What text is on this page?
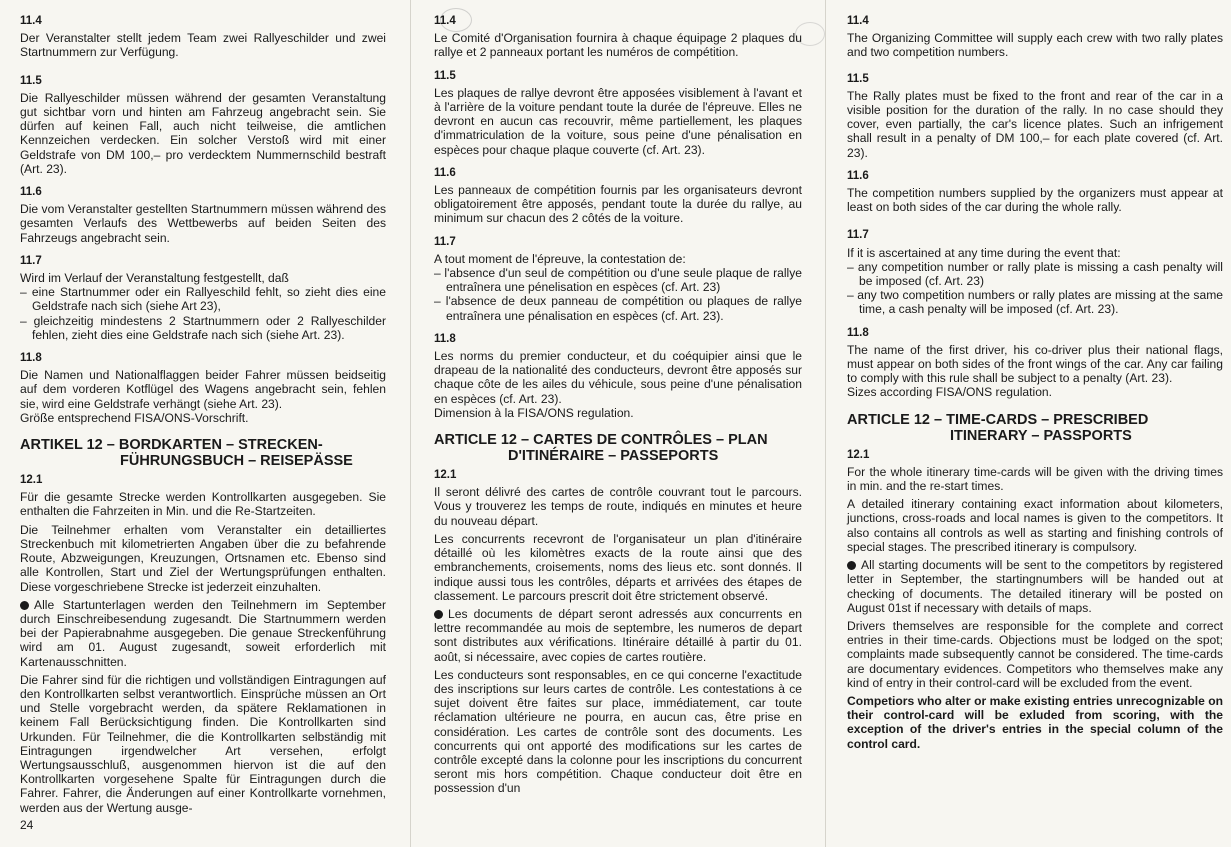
11.4
Der Veranstalter stellt jedem Team zwei Rallyeschilder und zwei Startnummern zur Verfügung.
11.5
Die Rallyeschilder müssen während der gesamten Veranstaltung gut sichtbar vorn und hinten am Fahrzeug angebracht sein. Sie dürfen auf keinen Fall, auch nicht teilweise, die amtlichen Kennzeichen verdecken. Ein solcher Verstoß wird mit einer Geldstrafe von DM 100,– pro verdecktem Nummernschild bestraft (Art. 23).
11.6
Die vom Veranstalter gestellten Startnummern müssen während des gesamten Verlaufs des Wettbewerbs auf beiden Seiten des Fahrzeugs angebracht sein.
11.7
Wird im Verlauf der Veranstaltung festgestellt, daß
– eine Startnummer oder ein Rallyeschild fehlt, so zieht dies eine Geldstrafe nach sich (siehe Art 23),
– gleichzeitig mindestens 2 Startnummern oder 2 Rallyeschilder fehlen, zieht dies eine Geldstrafe nach sich (siehe Art. 23).
11.8
Die Namen und Nationalflaggen beider Fahrer müssen beidseitig auf dem vorderen Kotflügel des Wagens angebracht sein, fehlen sie, wird eine Geldstrafe verhängt (siehe Art. 23).
Größe entsprechend FISA/ONS-Vorschrift.
ARTIKEL 12 – BORDKARTEN – STRECKEN-
FÜHRUNGSBUCH – REISEPÄSSE
12.1
Für die gesamte Strecke werden Kontrollkarten ausgegeben. Sie enthalten die Fahrzeiten in Min. und die Re-Startzeiten.
Die Teilnehmer erhalten vom Veranstalter ein detailliertes Streckenbuch mit kilometrierten Angaben über die zu befahrende Route, Abzweigungen, Kreuzungen, Ortsnamen etc. Ebenso sind alle Kontrollen, Start und Ziel der Wertungsprüfungen enthalten. Diese vorgeschriebene Strecke ist jederzeit einzuhalten.
Alle Startunterlagen werden den Teilnehmern im September durch Einschreibesendung zugesandt. Die Startnummern werden bei der Papierabnahme ausgegeben. Die genaue Streckenführung wird am 01. August zugesandt, soweit erforderlich mit Kartenausschnitten.
Die Fahrer sind für die richtigen und vollständigen Eintragungen auf den Kontrollkarten selbst verantwortlich. Einsprüche müssen an Ort und Stelle vorgebracht werden, da spätere Reklamationen in keinem Fall Berücksichtigung finden. Die Kontrollkarten sind Urkunden. Für Teilnehmer, die die Kontrollkarten selbständig mit Eintragungen irgendwelcher Art versehen, erfolgt Wertungsausschluß, ausgenommen hiervon ist die auf den Kontrollkarten vorgesehene Spalte für Eintragungen durch die Fahrer. Fahrer, die Änderungen auf einer Kontrollkarte vornehmen, werden aus der Wertung ausge-
11.4
Le Comité d'Organisation fournira à chaque équipage 2 plaques du rallye et 2 panneaux portant les numéros de compétition.
11.5
Les plaques de rallye devront être apposées visiblement à l'avant et à l'arrière de la voiture pendant toute la durée de l'épreuve. Elles ne devront en aucun cas recouvrir, même partiellement, les plaques d'immatriculation de la voiture, sous peine d'une pénalisation en espèces pour chaque plaque couverte (cf. Art. 23).
11.6
Les panneaux de compétition fournis par les organisateurs devront obligatoirement être apposés, pendant toute la durée du rallye, au minimum sur chacun des 2 côtés de la voiture.
11.7
A tout moment de l'épreuve, la contestation de:
– l'absence d'un seul de compétition ou d'une seule plaque de rallye entraînera une pénelisation en espèces (cf. Art. 23)
– l'absence de deux panneau de compétition ou plaques de rallye entraînera une pénalisation en espèces (cf. Art. 23).
11.8
Les norms du premier conducteur, et du coéquipier ainsi que le drapeau de la nationalité des conducteurs, devront être apposés sur chaque côte de les ailes du véhicule, sous peine d'une pénalisation en espèces (cf. Art. 23).
Dimension à la FISA/ONS regulation.
ARTICLE 12 – CARTES DE CONTRÔLES – PLAN
D'ITINÉRAIRE – PASSEPORTS
12.1
Il seront délivré des cartes de contrôle couvrant tout le parcours. Vous y trouverez les temps de route, indiqués en minutes et heure du nouveau départ.
Les concurrents recevront de l'organisateur un plan d'itinéraire détaillé où les kilomètres exacts de la route ainsi que des embranchements, croisements, noms des lieus etc. sont donnés. Il indique aussi tous les contrôles, départs et arrivées des étapes de classement. Le parcours prescrit doit être strictement observé.
Les documents de départ seront adressés aux concurrents en lettre recommandée au mois de septembre, les numeros de depart sont distributes aux vérifications. Itinéraire détaillé à partir du 01. août, si nécessaire, avec copies de cartes routière.
Les conducteurs sont responsables, en ce qui concerne l'exactitude des inscriptions sur leurs cartes de contrôle. Les contestations à ce sujet doivent être faites sur place, immédiatement, car toute réclamation ultérieure ne pourra, en aucun cas, être prise en considération. Les cartes de contrôle sont des documents. Les concurrents qui ont apporté des modifications sur les cartes de contrôle excepté dans la colonne pour les inscriptions du concurrent seront mis hors compétition. Chaque conducteur doit être en possession d'un
11.4
The Organizing Committee will supply each crew with two rally plates and two competition numbers.
11.5
The Rally plates must be fixed to the front and rear of the car in a visible position for the duration of the rally. In no case should they cover, even partially, the car's licence plates. Such an infrigement shall result in a penalty of DM 100,– for each plate covered (cf. Art. 23).
11.6
The competition numbers supplied by the organizers must appear at least on both sides of the car during the whole rally.
11.7
If it is ascertained at any time during the event that:
– any competition number or rally plate is missing a cash penalty will be imposed (cf. Art. 23)
– any two competition numbers or rally plates are missing at the same time, a cash penalty will be imposed (cf. Art. 23).
11.8
The name of the first driver, his co-driver plus their national flags, must appear on both sides of the front wings of the car. Any car failing to comply with this rule shall be subject to a penalty (Art. 23).
Sizes according FISA/ONS regulation.
ARTICLE 12 – TIME-CARDS – PRESCRIBED
ITINERARY – PASSPORTS
12.1
For the whole itinerary time-cards will be given with the driving times in min. and the re-start times.
A detailed itinerary containing exact information about kilometers, junctions, cross-roads and local names is given to the competitors. It also contains all controls as well as starting and finishing controls of special stages. The prescribed itinerary is compulsory.
All starting documents will be sent to the competitors by registered letter in September, the startingnumbers will be handed out at checking of documents. The detailed itinerary will be posted on August 01st if necessary with details of maps.
Drivers themselves are responsible for the complete and correct entries in their time-cards. Objections must be lodged on the spot; complaints made subsequently cannot be considered. The time-cards are documentary evidences. Competitors who themselves make any kind of entry in their control-card will be excluded from the event.
Competiors who alter or make existing entries unrecognizable on their control-card will be exluded from scoring, with the exception of the driver's entries in the special column of the control card.
24
